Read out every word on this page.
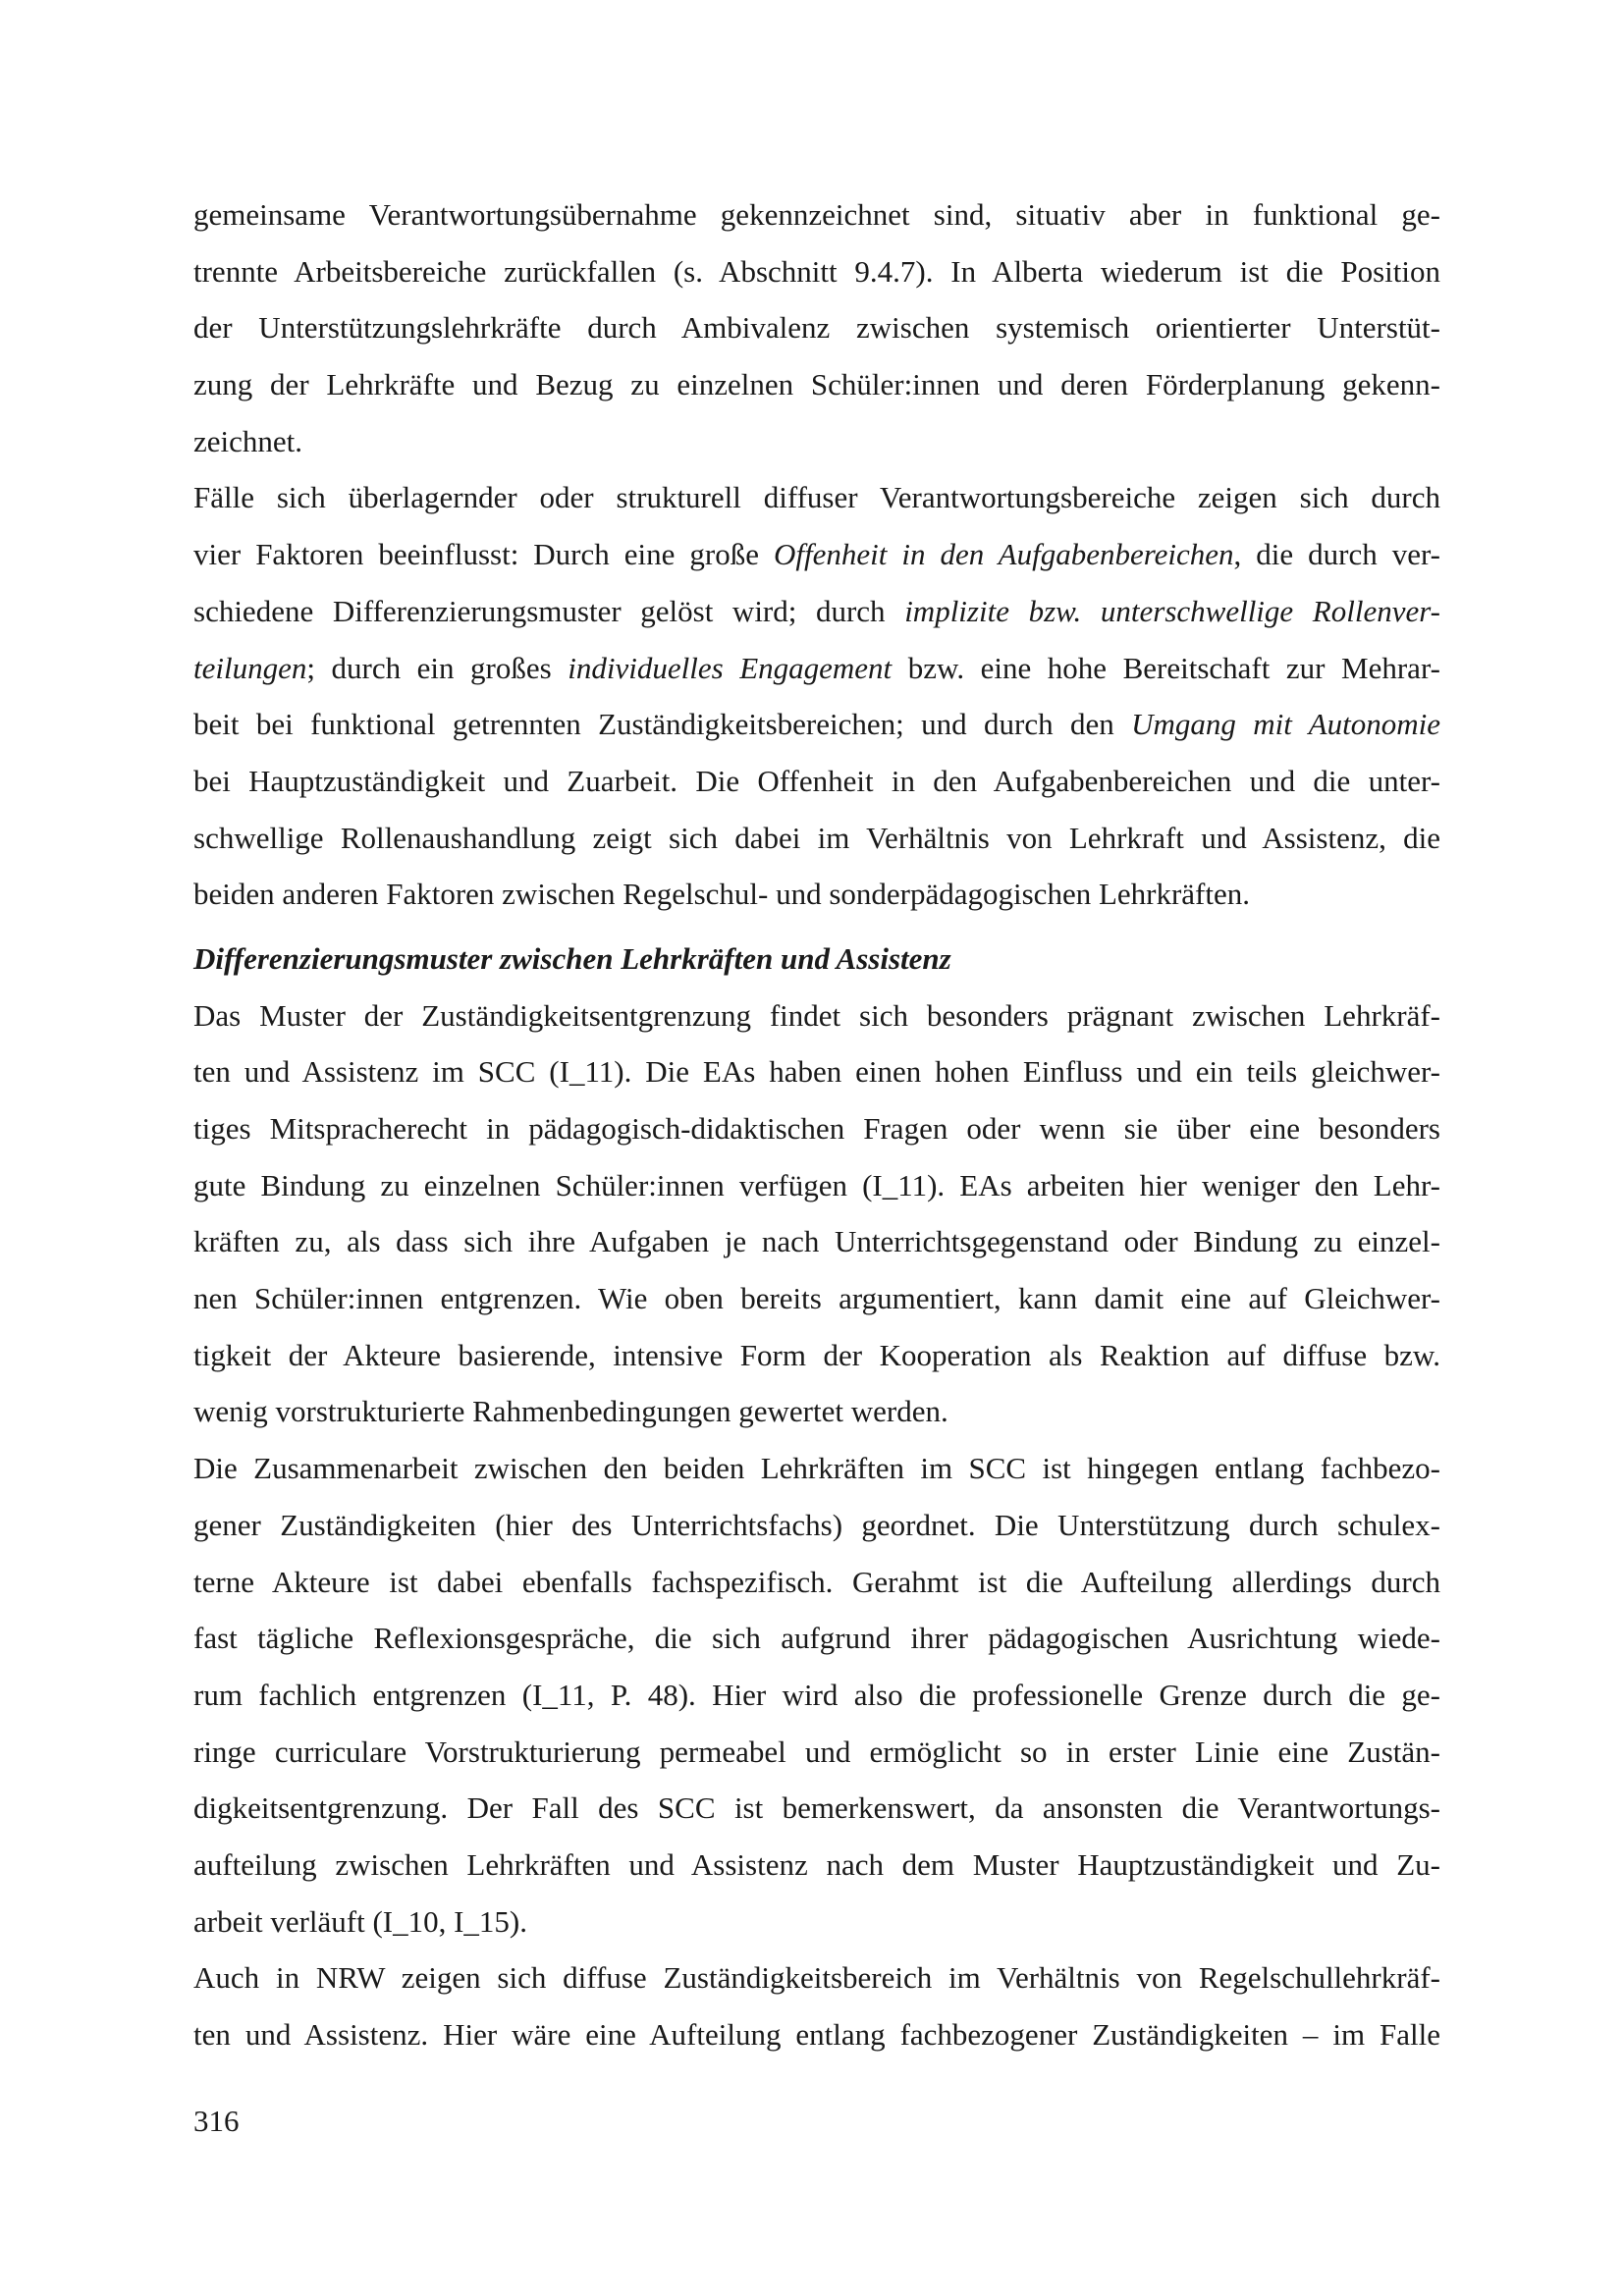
gemeinsame Verantwortungsübernahme gekennzeichnet sind, situativ aber in funktional ge-
trennte Arbeitsbereiche zurückfallen (s. Abschnitt 9.4.7). In Alberta wiederum ist die Position
der Unterstützungslehrkräfte durch Ambivalenz zwischen systemisch orientierter Unterstüt-
zung der Lehrkräfte und Bezug zu einzelnen Schüler:innen und deren Förderplanung gekenn-
zeichnet.
Fälle sich überlagernder oder strukturell diffuser Verantwortungsbereiche zeigen sich durch
vier Faktoren beeinflusst: Durch eine große Offenheit in den Aufgabenbereichen, die durch ver-
schiedene Differenzierungsmuster gelöst wird; durch implizite bzw. unterschwellige Rollenver-
teilungen; durch ein großes individuelles Engagement bzw. eine hohe Bereitschaft zur Mehrar-
beit bei funktional getrennten Zuständigkeitsbereichen; und durch den Umgang mit Autonomie
bei Hauptzuständigkeit und Zuarbeit. Die Offenheit in den Aufgabenbereichen und die unter-
schwellige Rollenaushandlung zeigt sich dabei im Verhältnis von Lehrkraft und Assistenz, die
beiden anderen Faktoren zwischen Regelschul- und sonderpädagogischen Lehrkräften.
Differenzierungsmuster zwischen Lehrkräften und Assistenz
Das Muster der Zuständigkeitsentgrenzung findet sich besonders prägnant zwischen Lehrkräf-
ten und Assistenz im SCC (I_11). Die EAs haben einen hohen Einfluss und ein teils gleichwer-
tiges Mitspracherecht in pädagogisch-didaktischen Fragen oder wenn sie über eine besonders
gute Bindung zu einzelnen Schüler:innen verfügen (I_11). EAs arbeiten hier weniger den Lehr-
kräften zu, als dass sich ihre Aufgaben je nach Unterrichtsgegenstand oder Bindung zu einzel-
nen Schüler:innen entgrenzen. Wie oben bereits argumentiert, kann damit eine auf Gleichwer-
tigkeit der Akteure basierende, intensive Form der Kooperation als Reaktion auf diffuse bzw.
wenig vorstrukturierte Rahmenbedingungen gewertet werden.
Die Zusammenarbeit zwischen den beiden Lehrkräften im SCC ist hingegen entlang fachbezo-
gener Zuständigkeiten (hier des Unterrichtsfachs) geordnet. Die Unterstützung durch schulex-
terne Akteure ist dabei ebenfalls fachspezifisch. Gerahmt ist die Aufteilung allerdings durch
fast tägliche Reflexionsgespräche, die sich aufgrund ihrer pädagogischen Ausrichtung wiede-
rum fachlich entgrenzen (I_11, P. 48). Hier wird also die professionelle Grenze durch die ge-
ringe curriculare Vorstrukturierung permeabel und ermöglicht so in erster Linie eine Zustän-
digkeitsentgrenzung. Der Fall des SCC ist bemerkenswert, da ansonsten die Verantwortungs-
aufteilung zwischen Lehrkräften und Assistenz nach dem Muster Hauptzuständigkeit und Zu-
arbeit verläuft (I_10, I_15).
Auch in NRW zeigen sich diffuse Zuständigkeitsbereich im Verhältnis von Regelschullehrkräf-
ten und Assistenz. Hier wäre eine Aufteilung entlang fachbezogener Zuständigkeiten – im Falle
316
